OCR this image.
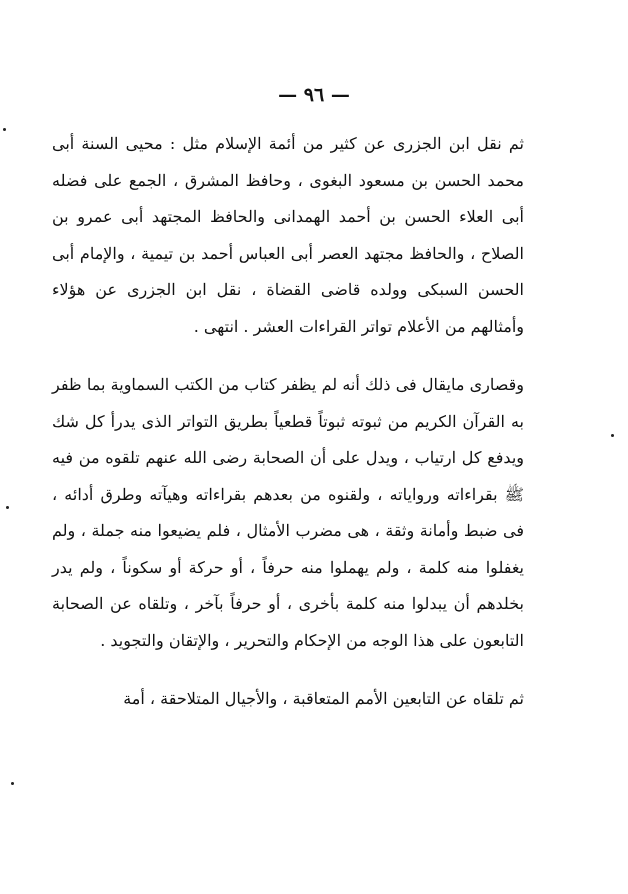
— ٩٦ —

ثم نقل ابن الجزرى عن كثير من أئمة الإسلام مثل : محيى السنة أبى محمد الحسن بن مسعود البغوى ، وحافظ المشرق ، الجمع على فضله أبى العلاء الحسن بن أحمد الهمدانى والحافظ المجتهد أبى عمرو بن الصلاح ، والحافظ مجتهد العصر أبى العباس أحمد بن تيمية ، والإمام أبى الحسن السبكى وولده قاضى القضاة ، نقل ابن الجزرى عن هؤلاء وأمثالهم من الأعلام تواتر القراءات العشر . انتهى .

وقصارى مايقال فى ذلك أنه لم يظفر كتاب من الكتب السماوية بما ظفر به القرآن الكريم من ثبوته ثبوتاً قطعياً بطريق التواتر الذى يدرأ كل شك ويدفع كل ارتياب ، ويدل على أن الصحابة رضى الله عنهم تلقوه من فيه ﷺ بقراءاته ورواياته ، ولقنوه من بعدهم بقراءاته وهيآته وطرق أدائه ، فى ضبط وأمانة وثقة ، هى مضرب الأمثال ، فلم يضيعوا منه جملة ، ولم يغفلوا منه كلمة ، ولم يهملوا منه حرفاً ، أو حركة أو سكوناً ، ولم يدر بخلدهم أن يبدلوا منه كلمة بأخرى ، أو حرفاً بآخر ، وتلقاه عن الصحابة التابعون على هذا الوجه من الإحكام والتحرير ، والإتقان والتجويد .

ثم تلقاه عن التابعين الأمم المتعاقبة ، والأجيال المتلاحقة ، أمة
